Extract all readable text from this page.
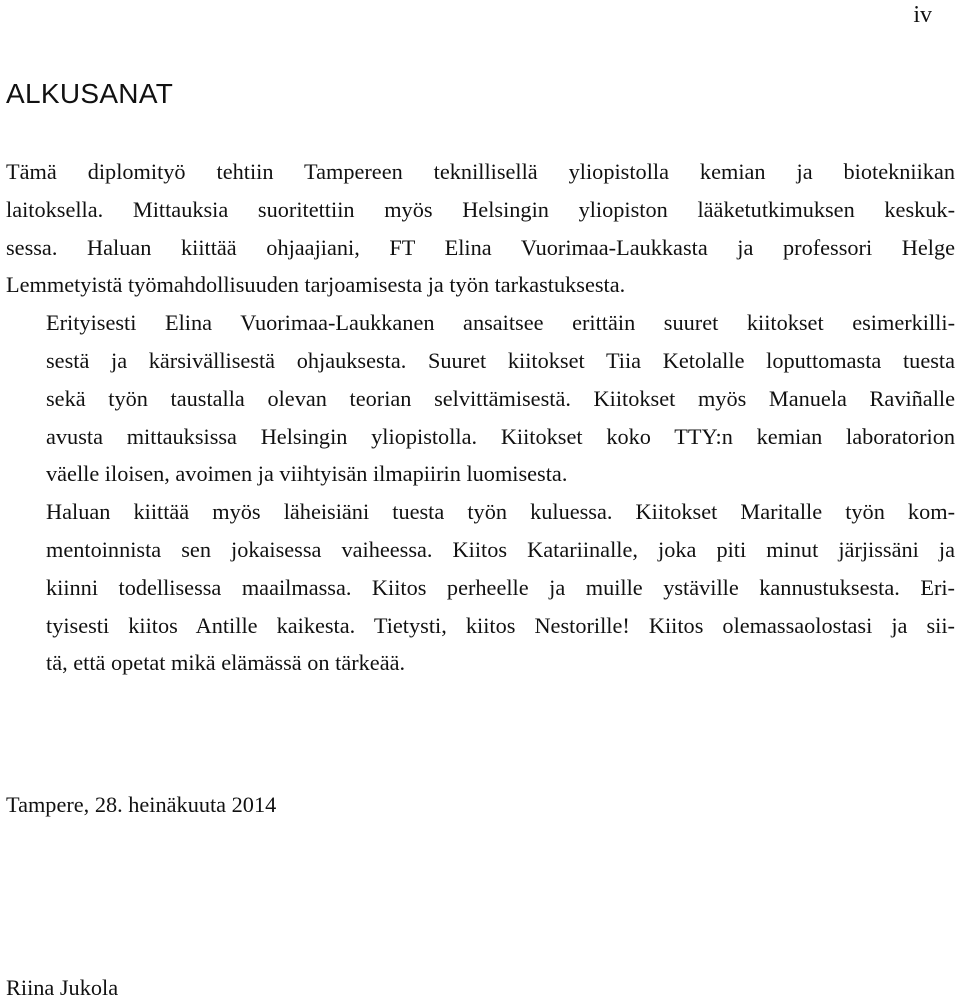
iv
ALKUSANAT

Tämä diplomityö tehtiin Tampereen teknillisellä yliopistolla kemian ja biotekniikan
laitoksella. Mittauksia suoritettiin myös Helsingin yliopiston lääketutkimuksen keskuk-
sessa. Haluan kiittää ohjaajiani, FT Elina Vuorimaa-Laukkasta ja professori Helge
Lemmetyistä työmahdollisuuden tarjoamisesta ja työn tarkastuksesta.

Erityisesti Elina Vuorimaa-Laukkanen ansaitsee erittäin suuret kiitokset esimerkilli-
sestä ja kärsivällisestä ohjauksesta. Suuret kiitokset Tiia Ketolalle loputtomasta tuesta
sekä työn taustalla olevan teorian selvittämisestä. Kiitokset myös Manuela Raviñalle
avusta mittauksissa Helsingin yliopistolla. Kiitokset koko TTY:n kemian laboratorion
väelle iloisen, avoimen ja viihtyisän ilmapiirin luomisesta.

Haluan kiittää myös läheisiäni tuesta työn kuluessa. Kiitokset Maritalle työn kom-
mentoinnista sen jokaisessa vaiheessa. Kiitos Katariinalle, joka piti minut järjissäni ja
kiinni todellisessa maailmassa. Kiitos perheelle ja muille ystäville kannustuksesta. Eri-
tyisesti kiitos Antille kaikesta. Tietysti, kiitos Nestorille! Kiitos olemassaolostasi ja sii-
tä, että opetat mikä elämässä on tärkeää.

Tampere, 28. heinäkuuta 2014

Riina Jukola
